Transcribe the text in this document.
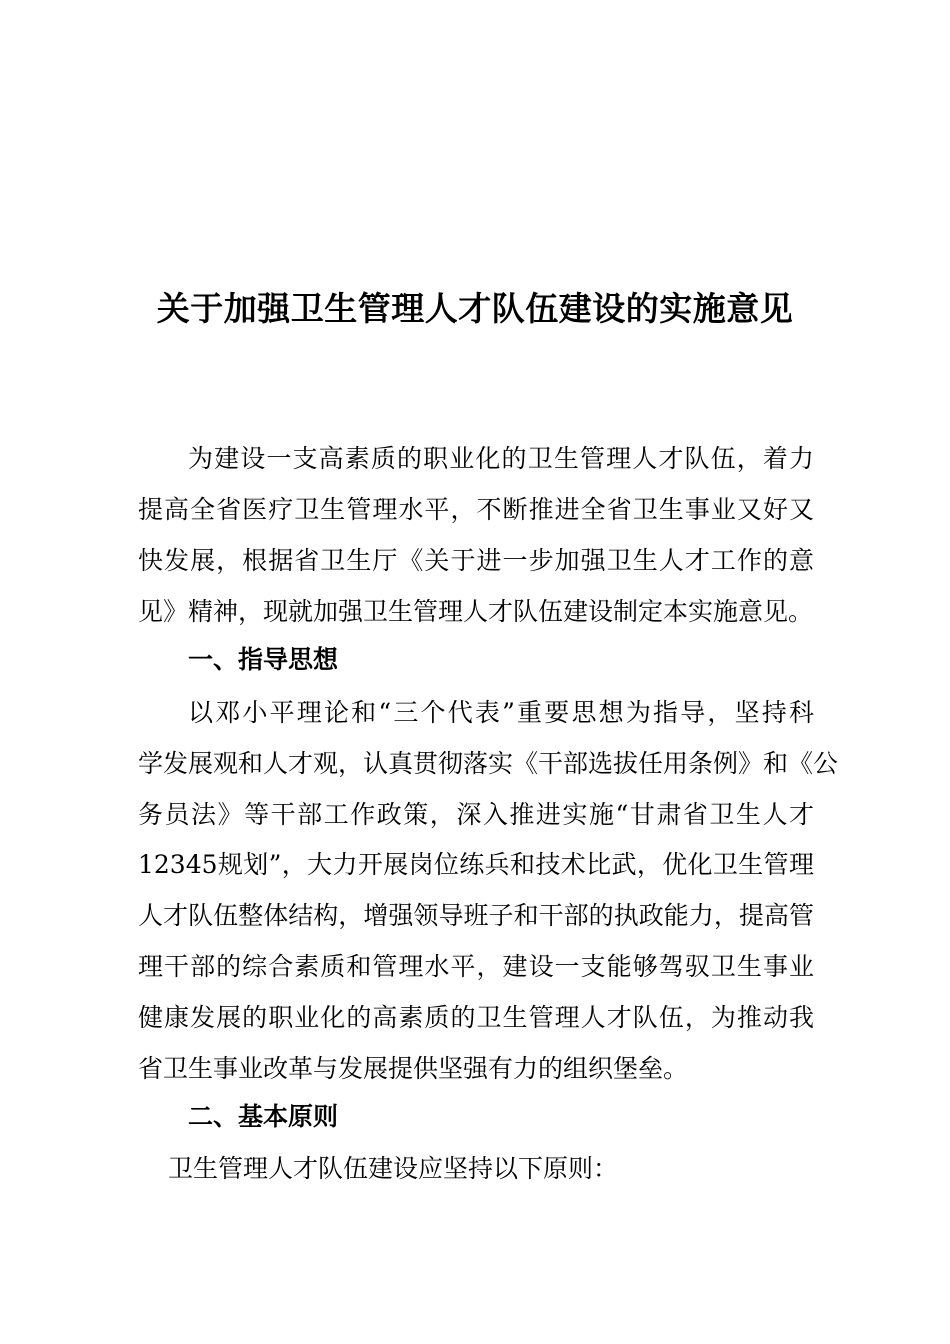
关于加强卫生管理人才队伍建设的实施意见
为建设一支高素质的职业化的卫生管理人才队伍，着力
提高全省医疗卫生管理水平，不断推进全省卫生事业又好又
快发展，根据省卫生厅《关于进一步加强卫生人才工作的意
见》精神，现就加强卫生管理人才队伍建设制定本实施意见。
一、指导思想
以邓小平理论和“三个代表”重要思想为指导，坚持科
学发展观和人才观，认真贯彻落实《干部选拔任用条例》和《公
务员法》等干部工作政策，深入推进实施“甘肃省卫生人才
12345规划”，大力开展岗位练兵和技术比武，优化卫生管理
人才队伍整体结构，增强领导班子和干部的执政能力，提高管
理干部的综合素质和管理水平，建设一支能够驾驭卫生事业
健康发展的职业化的高素质的卫生管理人才队伍，为推动我
省卫生事业改革与发展提供坚强有力的组织堡垒。
二、基本原则
卫生管理人才队伍建设应坚持以下原则：
